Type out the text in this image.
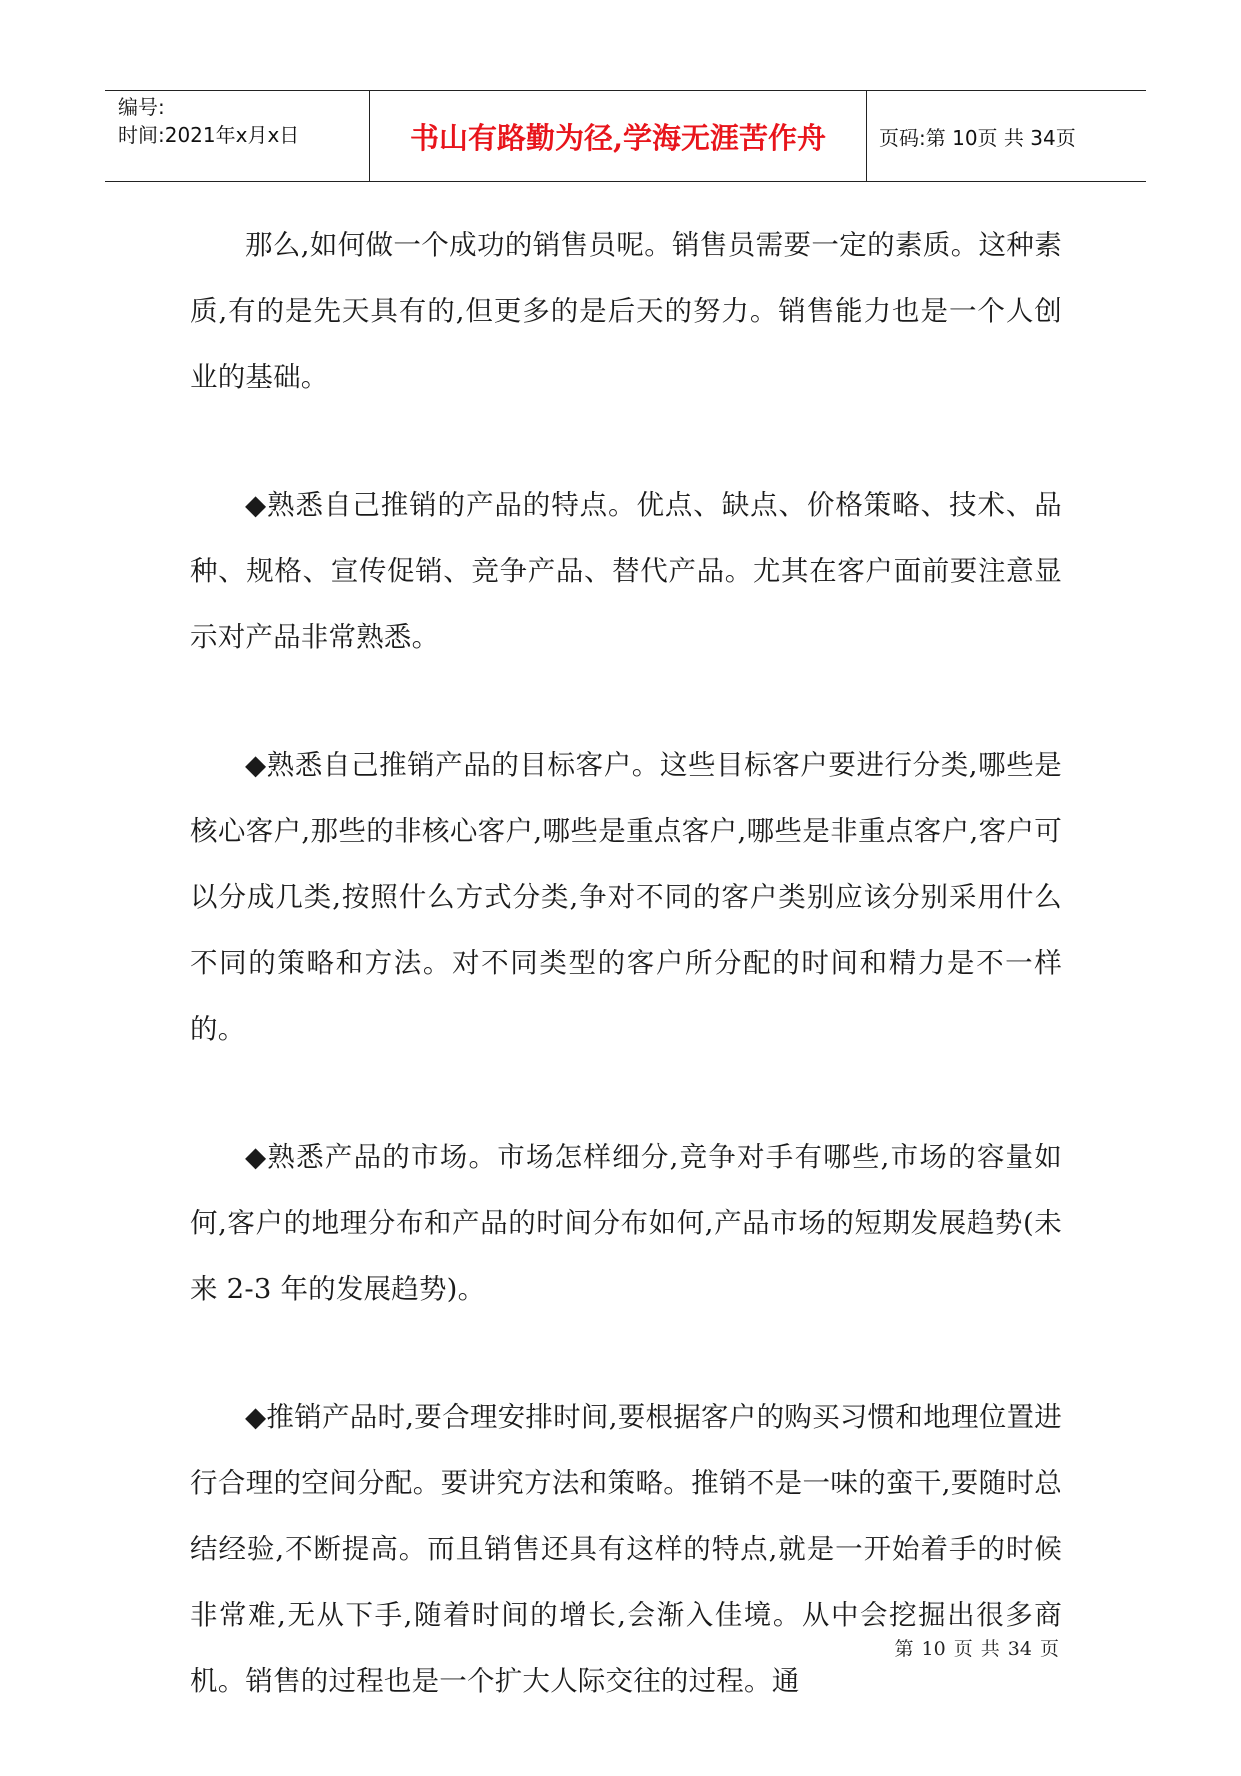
编号:
时间:2021年x月x日	书山有路勤为径,学海无涯苦作舟	页码:第 10页 共 34页

那么,如何做一个成功的销售员呢。销售员需要一定的素质。这种素质,有的是先天具有的,但更多的是后天的努力。销售能力也是一个人创业的基础。

◆熟悉自己推销的产品的特点。优点、缺点、价格策略、技术、品种、规格、宣传促销、竞争产品、替代产品。尤其在客户面前要注意显示对产品非常熟悉。

◆熟悉自己推销产品的目标客户。这些目标客户要进行分类,哪些是核心客户,那些的非核心客户,哪些是重点客户,哪些是非重点客户,客户可以分成几类,按照什么方式分类,争对不同的客户类别应该分别采用什么不同的策略和方法。对不同类型的客户所分配的时间和精力是不一样的。

◆熟悉产品的市场。市场怎样细分,竞争对手有哪些,市场的容量如何,客户的地理分布和产品的时间分布如何,产品市场的短期发展趋势(未来 2-3 年的发展趋势)。

◆推销产品时,要合理安排时间,要根据客户的购买习惯和地理位置进行合理的空间分配。要讲究方法和策略。推销不是一味的蛮干,要随时总结经验,不断提高。而且销售还具有这样的特点,就是一开始着手的时候非常难,无从下手,随着时间的增长,会渐入佳境。从中会挖掘出很多商机。销售的过程也是一个扩大人际交往的过程。通

第 10 页 共 34 页
